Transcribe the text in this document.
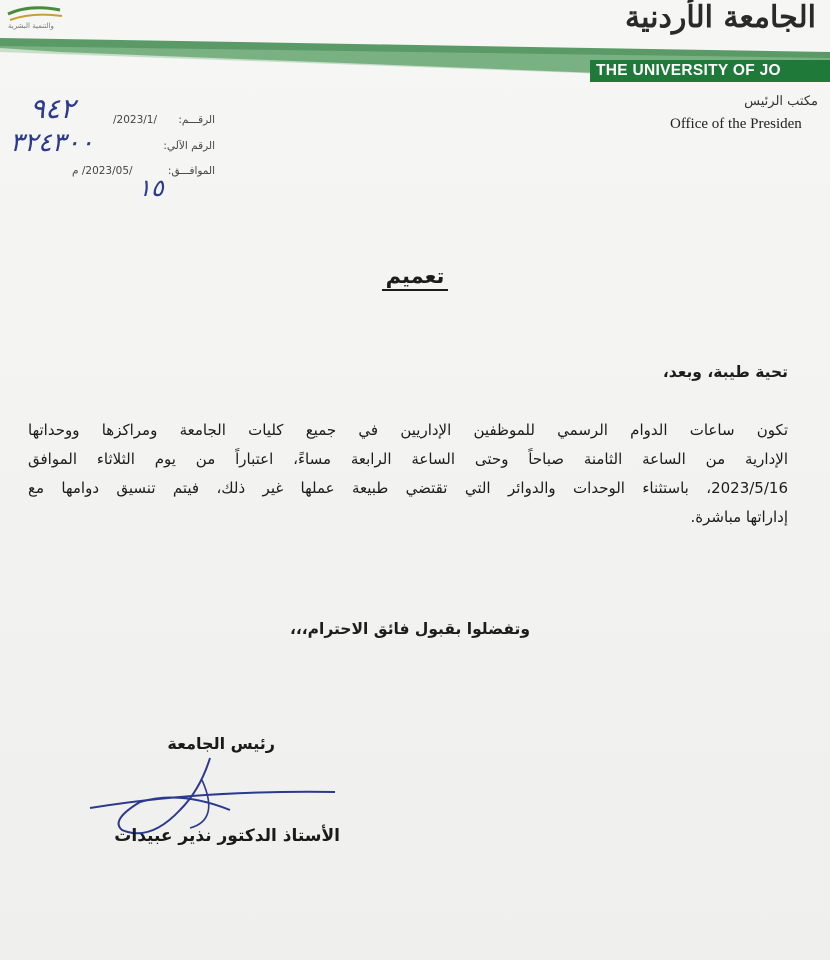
والتنمية البشرية	الجامعة الأردنية
THE UNIVERSITY OF JO
مكتب الرئيس
Office of the Presiden
الرقـــم:
/2023/1/
الرقم الآلي:
الموافـــق:
/2023/05/ م
٩٤٢
٣٢٤٣٠٠
١٥
تعميم
تحية طيبة، وبعد،
تكون ساعات الدوام الرسمي للموظفين الإداريين في جميع كليات الجامعة ومراكزها ووحداتها
الإدارية من الساعة الثامنة صباحاً وحتى الساعة الرابعة مساءً، اعتباراً من يوم الثلاثاء الموافق
2023/5/16، باستثناء الوحدات والدوائر التي تقتضي طبيعة عملها غير ذلك، فيتم تنسيق دوامها مع
إداراتها مباشرة.
وتفضلوا بقبول فائق الاحترام،،،
رئيس الجامعة
الأستاذ الدكتور نذير عبيدات
